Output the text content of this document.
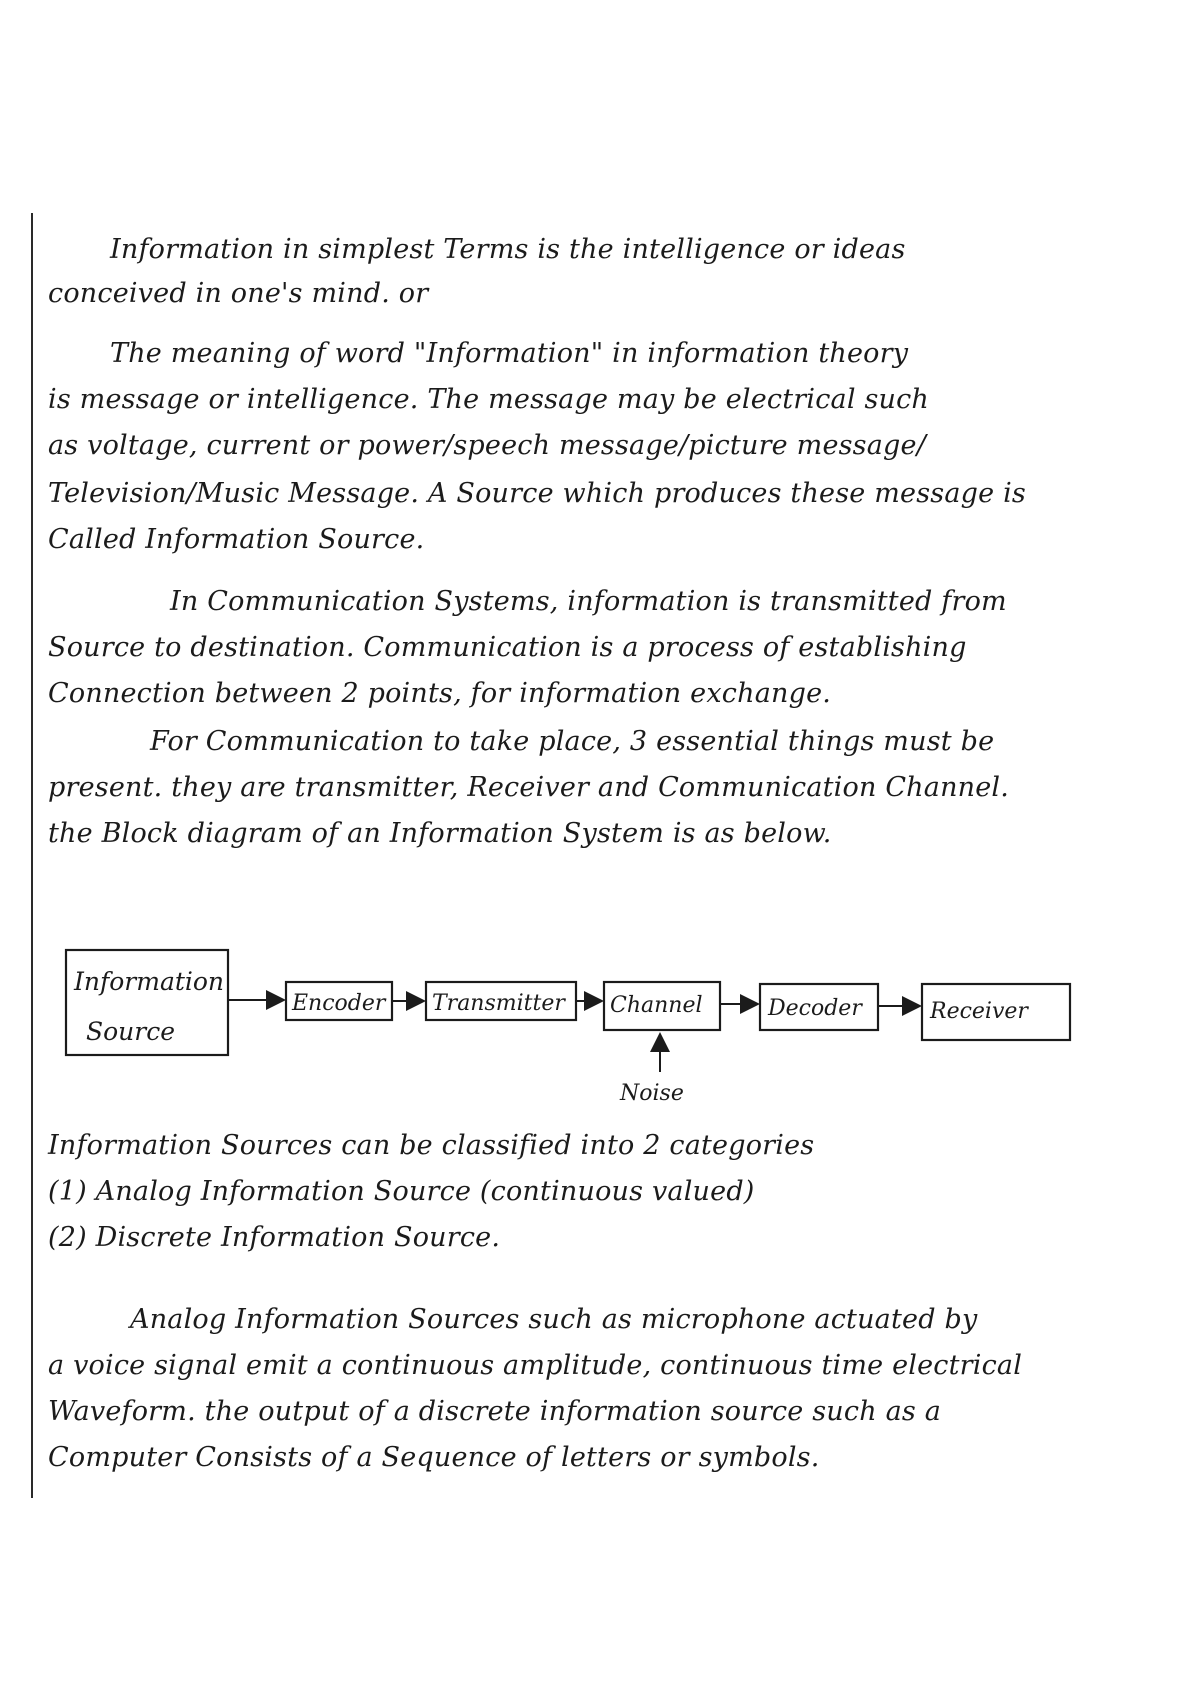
Information in simplest Terms is the intelligence or ideas
conceived in one's mind. or
The meaning of word "Information" in information theory
is message or intelligence. The message may be electrical such
as voltage, current or power/speech message/picture message/
Television/Music Message. A Source which produces these message is
Called Information Source.
In Communication Systems, information is transmitted from
Source to destination. Communication is a process of establishing
Connection between 2 points, for information exchange.
For Communication to take place, 3 essential things must be
present. they are transmitter, Receiver and Communication Channel.
the Block diagram of an Information System is as below.
Information
Source
Encoder Transmitter Channel	Decoder	Receiver
Noise
Information Sources can be classified into 2 categories
(1) Analog Information Source (continuous valued)
(2) Discrete Information Source.
Analog Information Sources such as microphone actuated by
a voice signal emit a continuous amplitude, continuous time electrical
Waveform. the output of a discrete information source such as a
Computer Consists of a Sequence of letters or symbols.
